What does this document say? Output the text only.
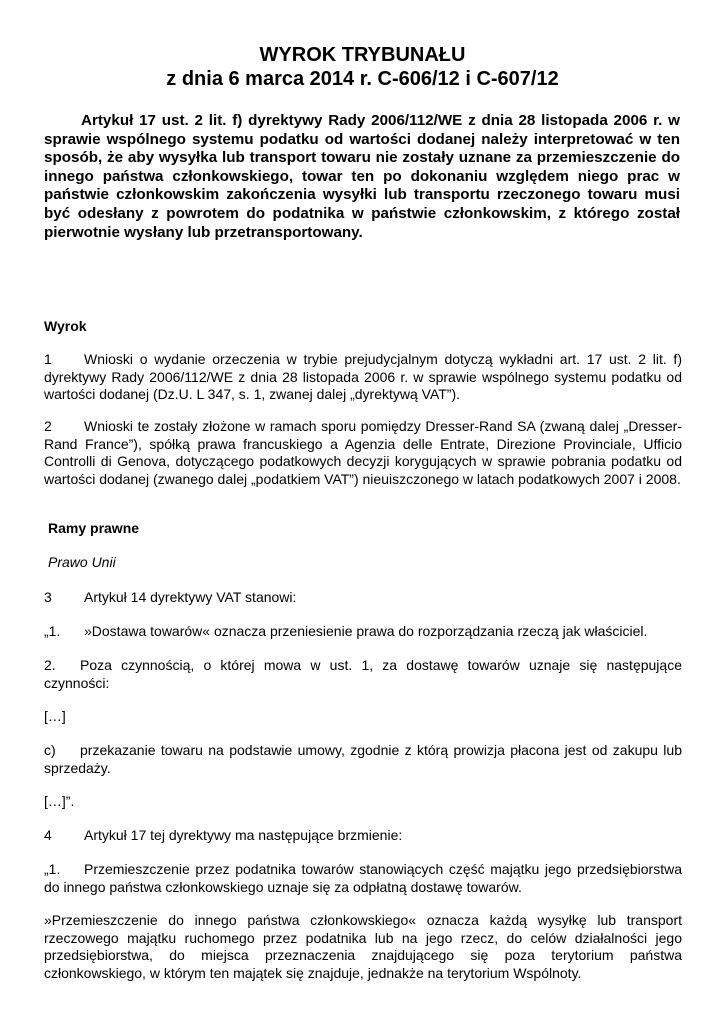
WYROK TRYBUNAŁU
z dnia 6 marca 2014 r. C-606/12 i C-607/12
Artykuł 17 ust. 2 lit. f) dyrektywy Rady 2006/112/WE z dnia 28 listopada 2006 r. w sprawie wspólnego systemu podatku od wartości dodanej należy interpretować w ten sposób, że aby wysyłka lub transport towaru nie zostały uznane za przemieszczenie do innego państwa członkowskiego, towar ten po dokonaniu względem niego prac w państwie członkowskim zakończenia wysyłki lub transportu rzeczonego towaru musi być odesłany z powrotem do podatnika w państwie członkowskim, z którego został pierwotnie wysłany lub przetransportowany.
Wyrok
1 Wnioski o wydanie orzeczenia w trybie prejudycjalnym dotyczą wykładni art. 17 ust. 2 lit. f) dyrektywy Rady 2006/112/WE z dnia 28 listopada 2006 r. w sprawie wspólnego systemu podatku od wartości dodanej (Dz.U. L 347, s. 1, zwanej dalej „dyrektywą VAT”).
2 Wnioski te zostały złożone w ramach sporu pomiędzy Dresser-Rand SA (zwaną dalej „Dresser-Rand France”), spółką prawa francuskiego a Agenzia delle Entrate, Direzione Provinciale, Ufficio Controlli di Genova, dotyczącego podatkowych decyzji korygujących w sprawie pobrania podatku od wartości dodanej (zwanego dalej „podatkiem VAT”) nieuiszczonego w latach podatkowych 2007 i 2008.
Ramy prawne
Prawo Unii
3 Artykuł 14 dyrektywy VAT stanowi:
„1. »Dostawa towarów« oznacza przeniesienie prawa do rozporządzania rzeczą jak właściciel.
2. Poza czynnością, o której mowa w ust. 1, za dostawę towarów uznaje się następujące czynności:
[…]
c) przekazanie towaru na podstawie umowy, zgodnie z którą prowizja płacona jest od zakupu lub sprzedaży.
[…]”.
4 Artykuł 17 tej dyrektywy ma następujące brzmienie:
„1. Przemieszczenie przez podatnika towarów stanowiących część majątku jego przedsiębiorstwa do innego państwa członkowskiego uznaje się za odpłatną dostawę towarów.
»Przemieszczenie do innego państwa członkowskiego« oznacza każdą wysyłkę lub transport rzeczowego majątku ruchomego przez podatnika lub na jego rzecz, do celów działalności jego przedsiębiorstwa, do miejsca przeznaczenia znajdującego się poza terytorium państwa członkowskiego, w którym ten majątek się znajduje, jednakże na terytorium Wspólnoty.
